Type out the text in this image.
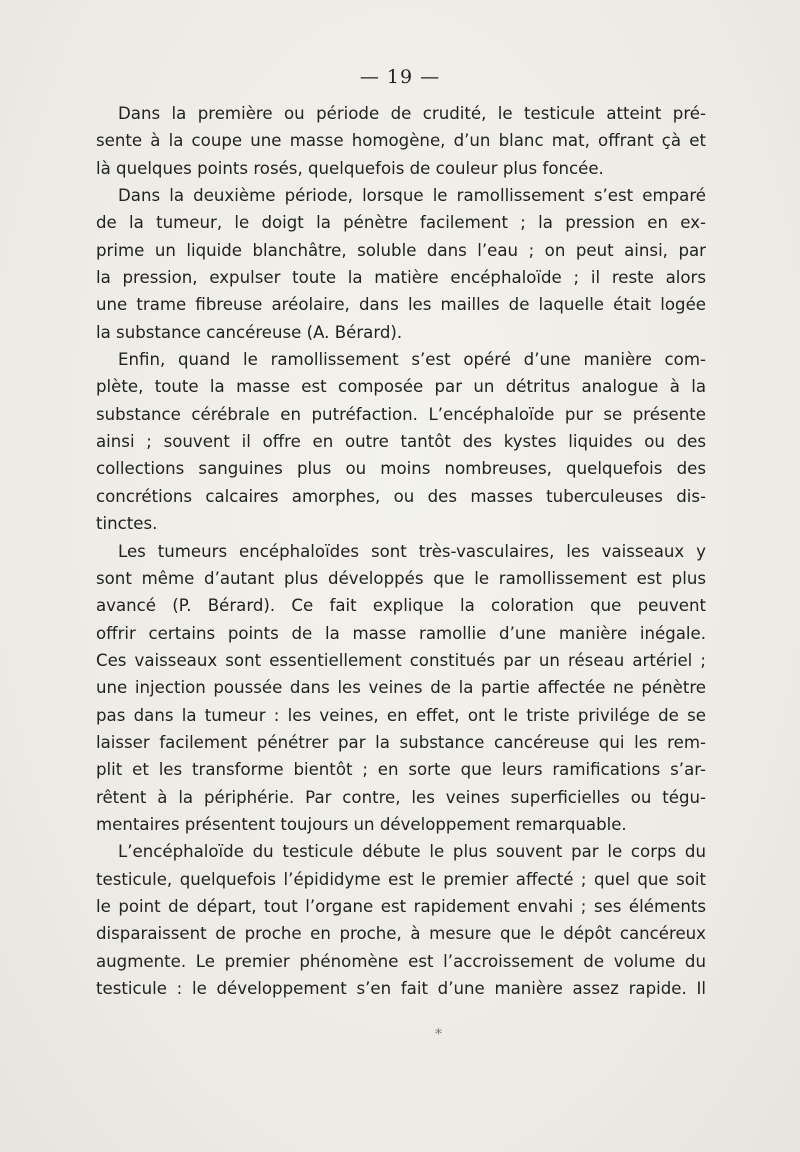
— 19 —
Dans la première ou période de crudité, le testicule atteint pré-
sente à la coupe une masse homogène, d’un blanc mat, offrant çà et
là quelques points rosés, quelquefois de couleur plus foncée.
Dans la deuxième période, lorsque le ramollissement s’est emparé
de la tumeur, le doigt la pénètre facilement ; la pression en ex-
prime un liquide blanchâtre, soluble dans l’eau ; on peut ainsi, par
la pression, expulser toute la matière encéphaloïde ; il reste alors
une trame fibreuse aréolaire, dans les mailles de laquelle était logée
la substance cancéreuse (A. Bérard).
Enfin, quand le ramollissement s’est opéré d’une manière com-
plète, toute la masse est composée par un détritus analogue à la
substance cérébrale en putréfaction. L’encéphaloïde pur se présente
ainsi ; souvent il offre en outre tantôt des kystes liquides ou des
collections sanguines plus ou moins nombreuses, quelquefois des
concrétions calcaires amorphes, ou des masses tuberculeuses dis-
tinctes.
Les tumeurs encéphaloïdes sont très-vasculaires, les vaisseaux y
sont même d’autant plus développés que le ramollissement est plus
avancé (P. Bérard). Ce fait explique la coloration que peuvent
offrir certains points de la masse ramollie d’une manière inégale.
Ces vaisseaux sont essentiellement constitués par un réseau artériel ;
une injection poussée dans les veines de la partie affectée ne pénètre
pas dans la tumeur : les veines, en effet, ont le triste privilége de se
laisser facilement pénétrer par la substance cancéreuse qui les rem-
plit et les transforme bientôt ; en sorte que leurs ramifications s’ar-
rêtent à la périphérie. Par contre, les veines superficielles ou tégu-
mentaires présentent toujours un développement remarquable.
L’encéphaloïde du testicule débute le plus souvent par le corps du
testicule, quelquefois l’épididyme est le premier affecté ; quel que soit
le point de départ, tout l’organe est rapidement envahi ; ses éléments
disparaissent de proche en proche, à mesure que le dépôt cancéreux
augmente. Le premier phénomène est l’accroissement de volume du
testicule : le développement s’en fait d’une manière assez rapide. Il
⁎
